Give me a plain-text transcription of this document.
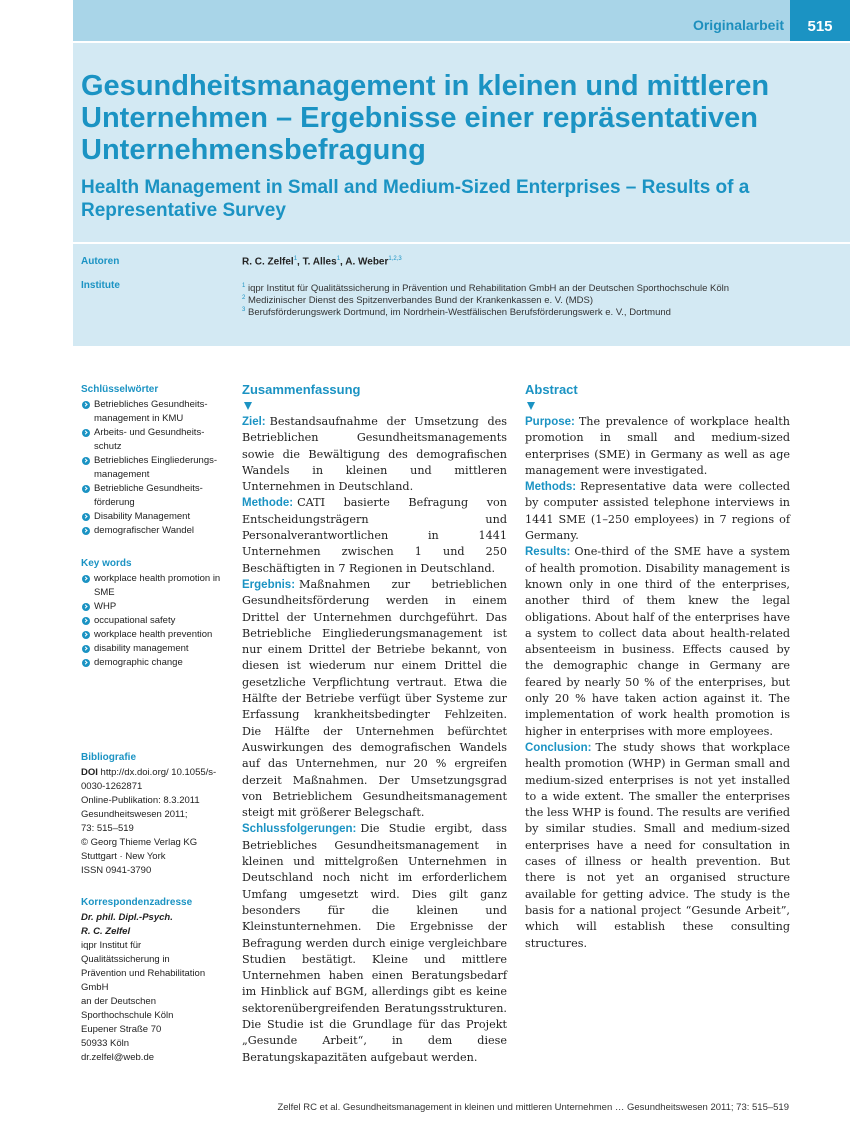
Originalarbeit	515
Gesundheitsmanagement in kleinen und mittleren Unternehmen – Ergebnisse einer repräsentativen Unternehmensbefragung
Health Management in Small and Medium-Sized Enterprises – Results of a Representative Survey
Autoren
Institute
R. C. Zelfel$^1$, T. Alles$^1$, A. Weber$^{1,2,3}$
$^1$ iqpr Institut für Qualitätssicherung in Prävention und Rehabilitation GmbH an der Deutschen Sporthochschule Köln
$^2$ Medizinischer Dienst des Spitzenverbandes Bund der Krankenkassen e. V. (MDS)
$^3$ Berufsförderungswerk Dortmund, im Nordrhein-Westfälischen Berufsförderungswerk e. V., Dortmund
Schlüsselwörter
Betriebliches Gesundheits-management in KMU
Arbeits- und Gesundheits-schutz
Betriebliches Eingliederungs-management
Betriebliche Gesundheits-förderung
Disability Management
demografischer Wandel
Key words
workplace health promotion in SME
WHP
occupational safety
workplace health prevention
disability management
demographic change
Bibliografie
DOI http://dx.doi.org/ 10.1055/s-0030-1262871
Online-Publikation: 8.3.2011
Gesundheitswesen 2011;
73: 515–519
© Georg Thieme Verlag KG
Stuttgart · New York
ISSN 0941-3790
Korrespondenzadresse
Dr. phil. Dipl.-Psych.
R. C. Zelfel
iqpr Institut für
Qualitätssicherung in
Prävention und Rehabilitation
GmbH
an der Deutschen
Sporthochschule Köln
Eupener Straße 70
50933 Köln
dr.zelfel@web.de
Zusammenfassung

Ziel: Bestandsaufnahme der Umsetzung des Betrieblichen Gesundheitsmanagements sowie die Bewältigung des demografischen Wandels in kleinen und mittleren Unternehmen in Deutschland.

Methode: CATI basierte Befragung von Entscheidungsträgern und Personalverantwortlichen in 1441 Unternehmen zwischen 1 und 250 Beschäftigten in 7 Regionen in Deutschland.

Ergebnis: Maßnahmen zur betrieblichen Gesundheitsförderung werden in einem Drittel der Unternehmen durchgeführt. Das Betriebliche Eingliederungsmanagement ist nur einem Drittel der Betriebe bekannt, von diesen ist wiederum nur einem Drittel die gesetzliche Verpflichtung vertraut. Etwa die Hälfte der Betriebe verfügt über Systeme zur Erfassung krankheitsbedingter Fehlzeiten. Die Hälfte der Unternehmen befürchtet Auswirkungen des demografischen Wandels auf das Unternehmen, nur 20 % ergreifen derzeit Maßnahmen. Der Umsetzungsgrad von Betrieblichem Gesundheitsmanagement steigt mit größerer Belegschaft.

Schlussfolgerungen: Die Studie ergibt, dass Betriebliches Gesundheitsmanagement in kleinen und mittelgroßen Unternehmen in Deutschland noch nicht im erforderlichem Umfang umgesetzt wird. Dies gilt ganz besonders für die kleinen und Kleinstunternehmen. Die Ergebnisse der Befragung werden durch einige vergleichbare Studien bestätigt. Kleine und mittlere Unternehmen haben einen Beratungsbedarf im Hinblick auf BGM, allerdings gibt es keine sektorenübergreifenden Beratungsstrukturen. Die Studie ist die Grundlage für das Projekt „Gesunde Arbeit“, in dem diese Beratungskapazitäten aufgebaut werden.

Abstract

Purpose: The prevalence of workplace health promotion in small and medium-sized enterprises (SME) in Germany as well as age management were investigated.

Methods: Representative data were collected by computer assisted telephone interviews in 1441 SME (1–250 employees) in 7 regions of Germany.

Results: One-third of the SME have a system of health promotion. Disability management is known only in one third of the enterprises, another third of them knew the legal obligations. About half of the enterprises have a system to collect data about health-related absenteeism in business. Effects caused by the demographic change in Germany are feared by nearly 50 % of the enterprises, but only 20 % have taken action against it. The implementation of work health promotion is higher in enterprises with more employees.

Conclusion: The study shows that workplace health promotion (WHP) in German small and medium-sized enterprises is not yet installed to a wide extent. The smaller the enterprises the less WHP is found. The results are verified by similar studies. Small and medium-sized enterprises have a need for consultation in cases of illness or health prevention. But there is not yet an organised structure available for getting advice. The study is the basis for a national project “Gesunde Arbeit”, which will establish these consulting structures.

Zelfel RC et al. Gesundheitsmanagement in kleinen und mittleren Unternehmen … Gesundheitswesen 2011; 73: 515–519
